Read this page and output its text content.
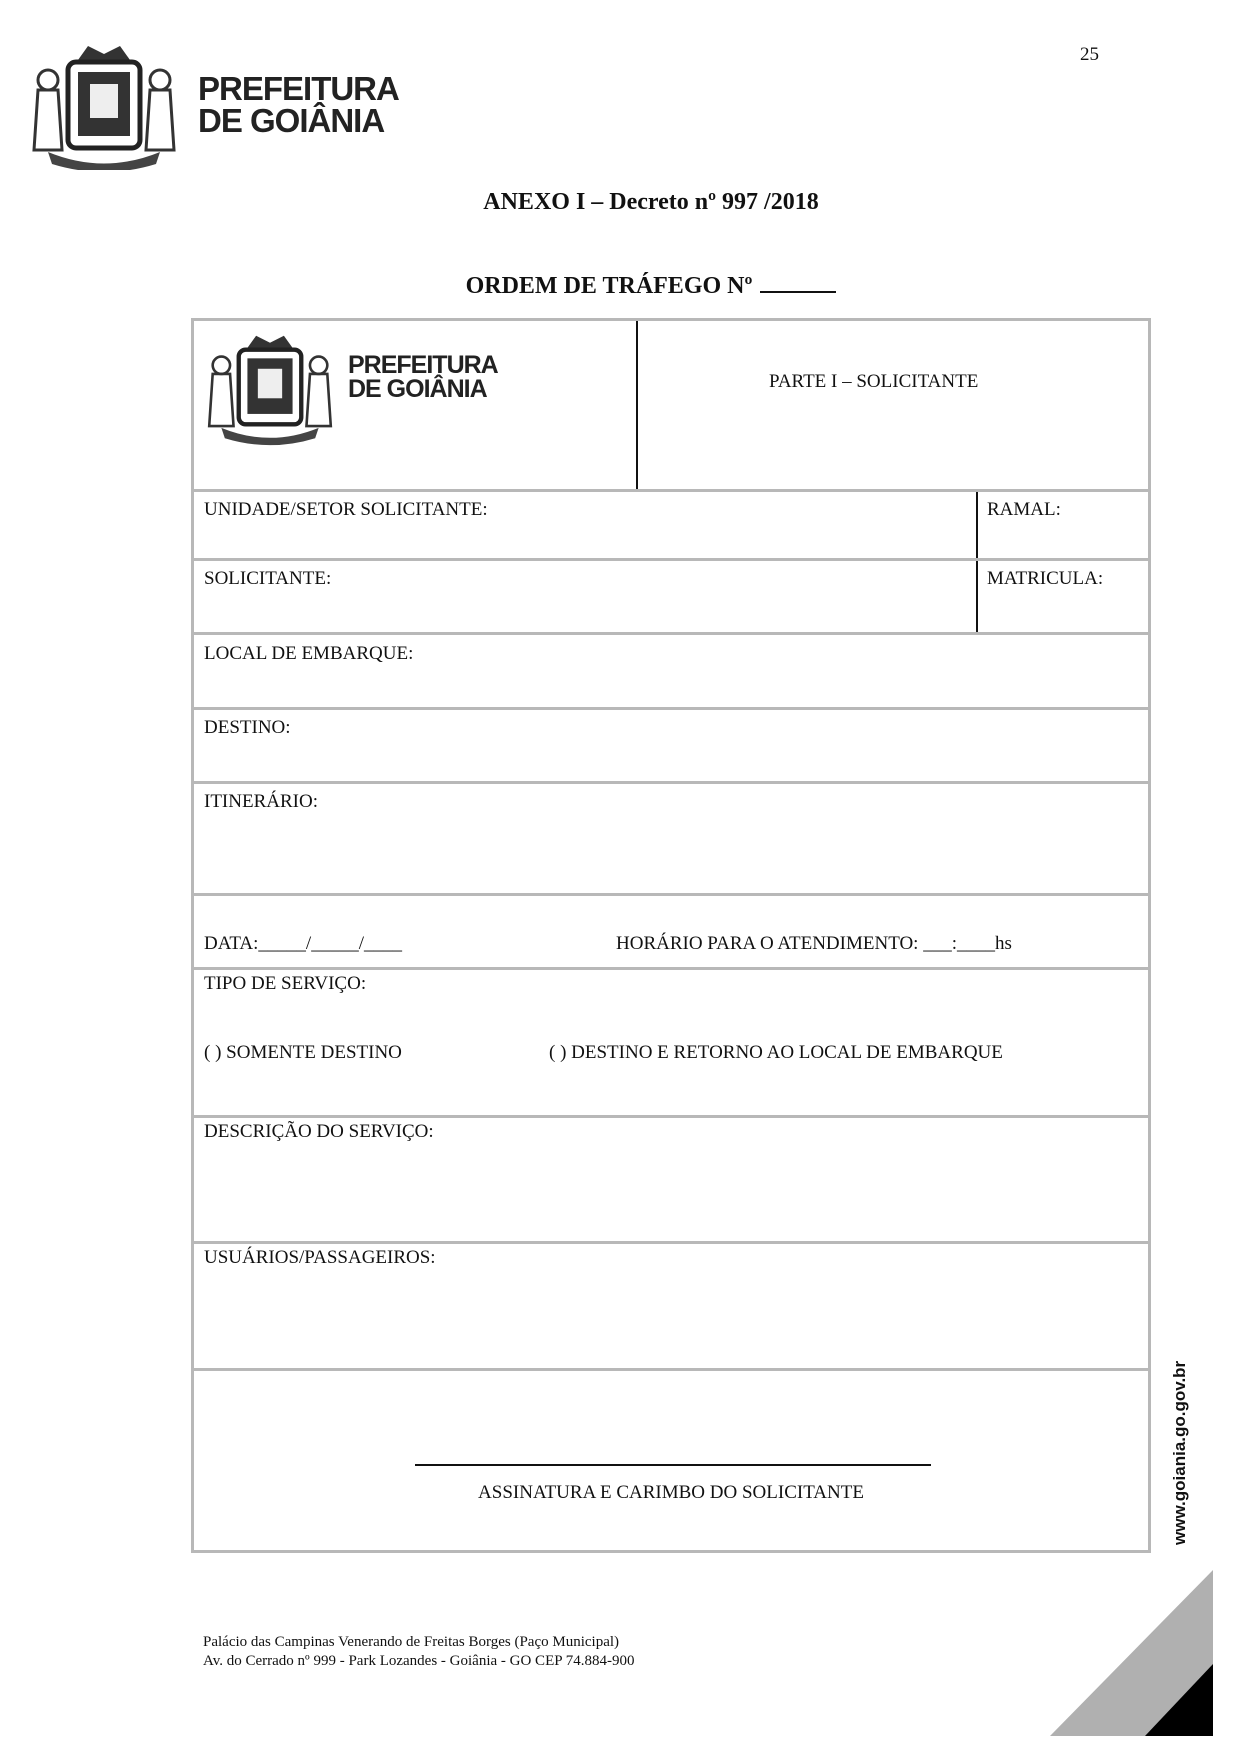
25
PREFEITURA
DE GOIÂNIA
ANEXO I – Decreto nº 997 /2018
ORDEM DE TRÁFEGO Nº
PREFEITURA
DE GOIÂNIA	PARTE I – SOLICITANTE
UNIDADE/SETOR SOLICITANTE:	RAMAL:
SOLICITANTE:	MATRICULA:
LOCAL DE EMBARQUE:
DESTINO:
ITINERÁRIO:
DATA:_____/_____/____	HORÁRIO PARA O ATENDIMENTO: ___:____hs
TIPO DE SERVIÇO:
( ) SOMENTE DESTINO	( ) DESTINO E RETORNO AO LOCAL DE EMBARQUE
DESCRIÇÃO DO SERVIÇO:
USUÁRIOS/PASSAGEIROS:
ASSINATURA E CARIMBO DO SOLICITANTE	www.goiania.go.gov.br
Palácio das Campinas Venerando de Freitas Borges (Paço Municipal)
Av. do Cerrado nº 999 - Park Lozandes - Goiânia - GO CEP 74.884-900
